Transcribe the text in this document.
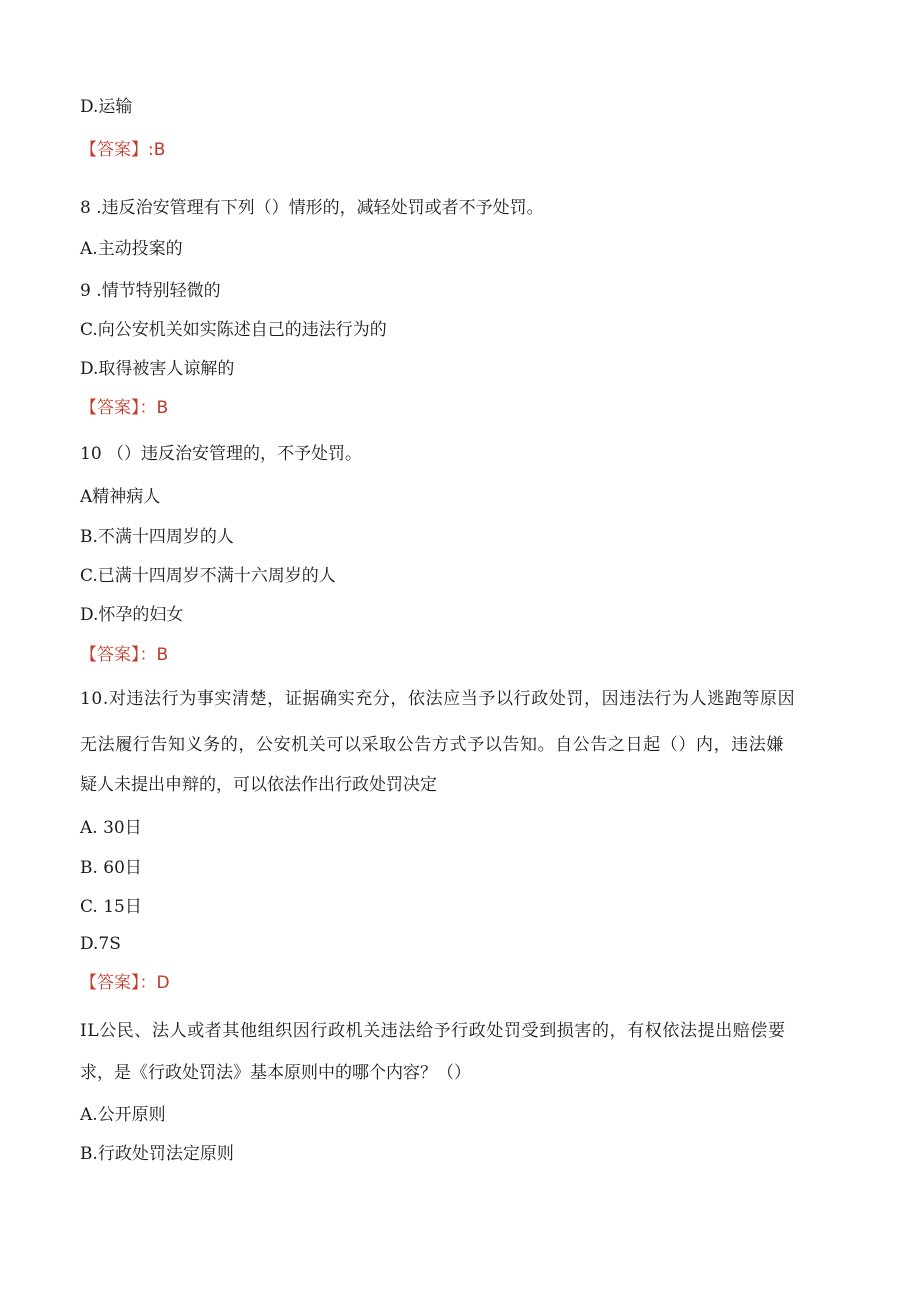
D.运输
【答案】:B
8 .违反治安管理有下列（）情形的，减轻处罚或者不予处罚。
A.主动投案的
9 .情节特别轻微的
C.向公安机关如实陈述自己的违法行为的
D.取得被害人谅解的
【答案】：B
10 （）违反治安管理的，不予处罚。
A精神病人
B.不满十四周岁的人
C.已满十四周岁不满十六周岁的人
D.怀孕的妇女
【答案】：B
10.对违法行为事实清楚，证据确实充分，依法应当予以行政处罚，因违法行为人逃跑等原因
无法履行告知义务的，公安机关可以采取公告方式予以告知。自公告之日起（）内，违法嫌
疑人未提出申辩的，可以依法作出行政处罚决定
A. 30日
B. 60日
C. 15日
D.7S
【答案】：D
IL公民、法人或者其他组织因行政机关违法给予行政处罚受到损害的，有权依法提出赔偿要
求，是《行政处罚法》基本原则中的哪个内容？（）
A.公开原则
B.行政处罚法定原则
